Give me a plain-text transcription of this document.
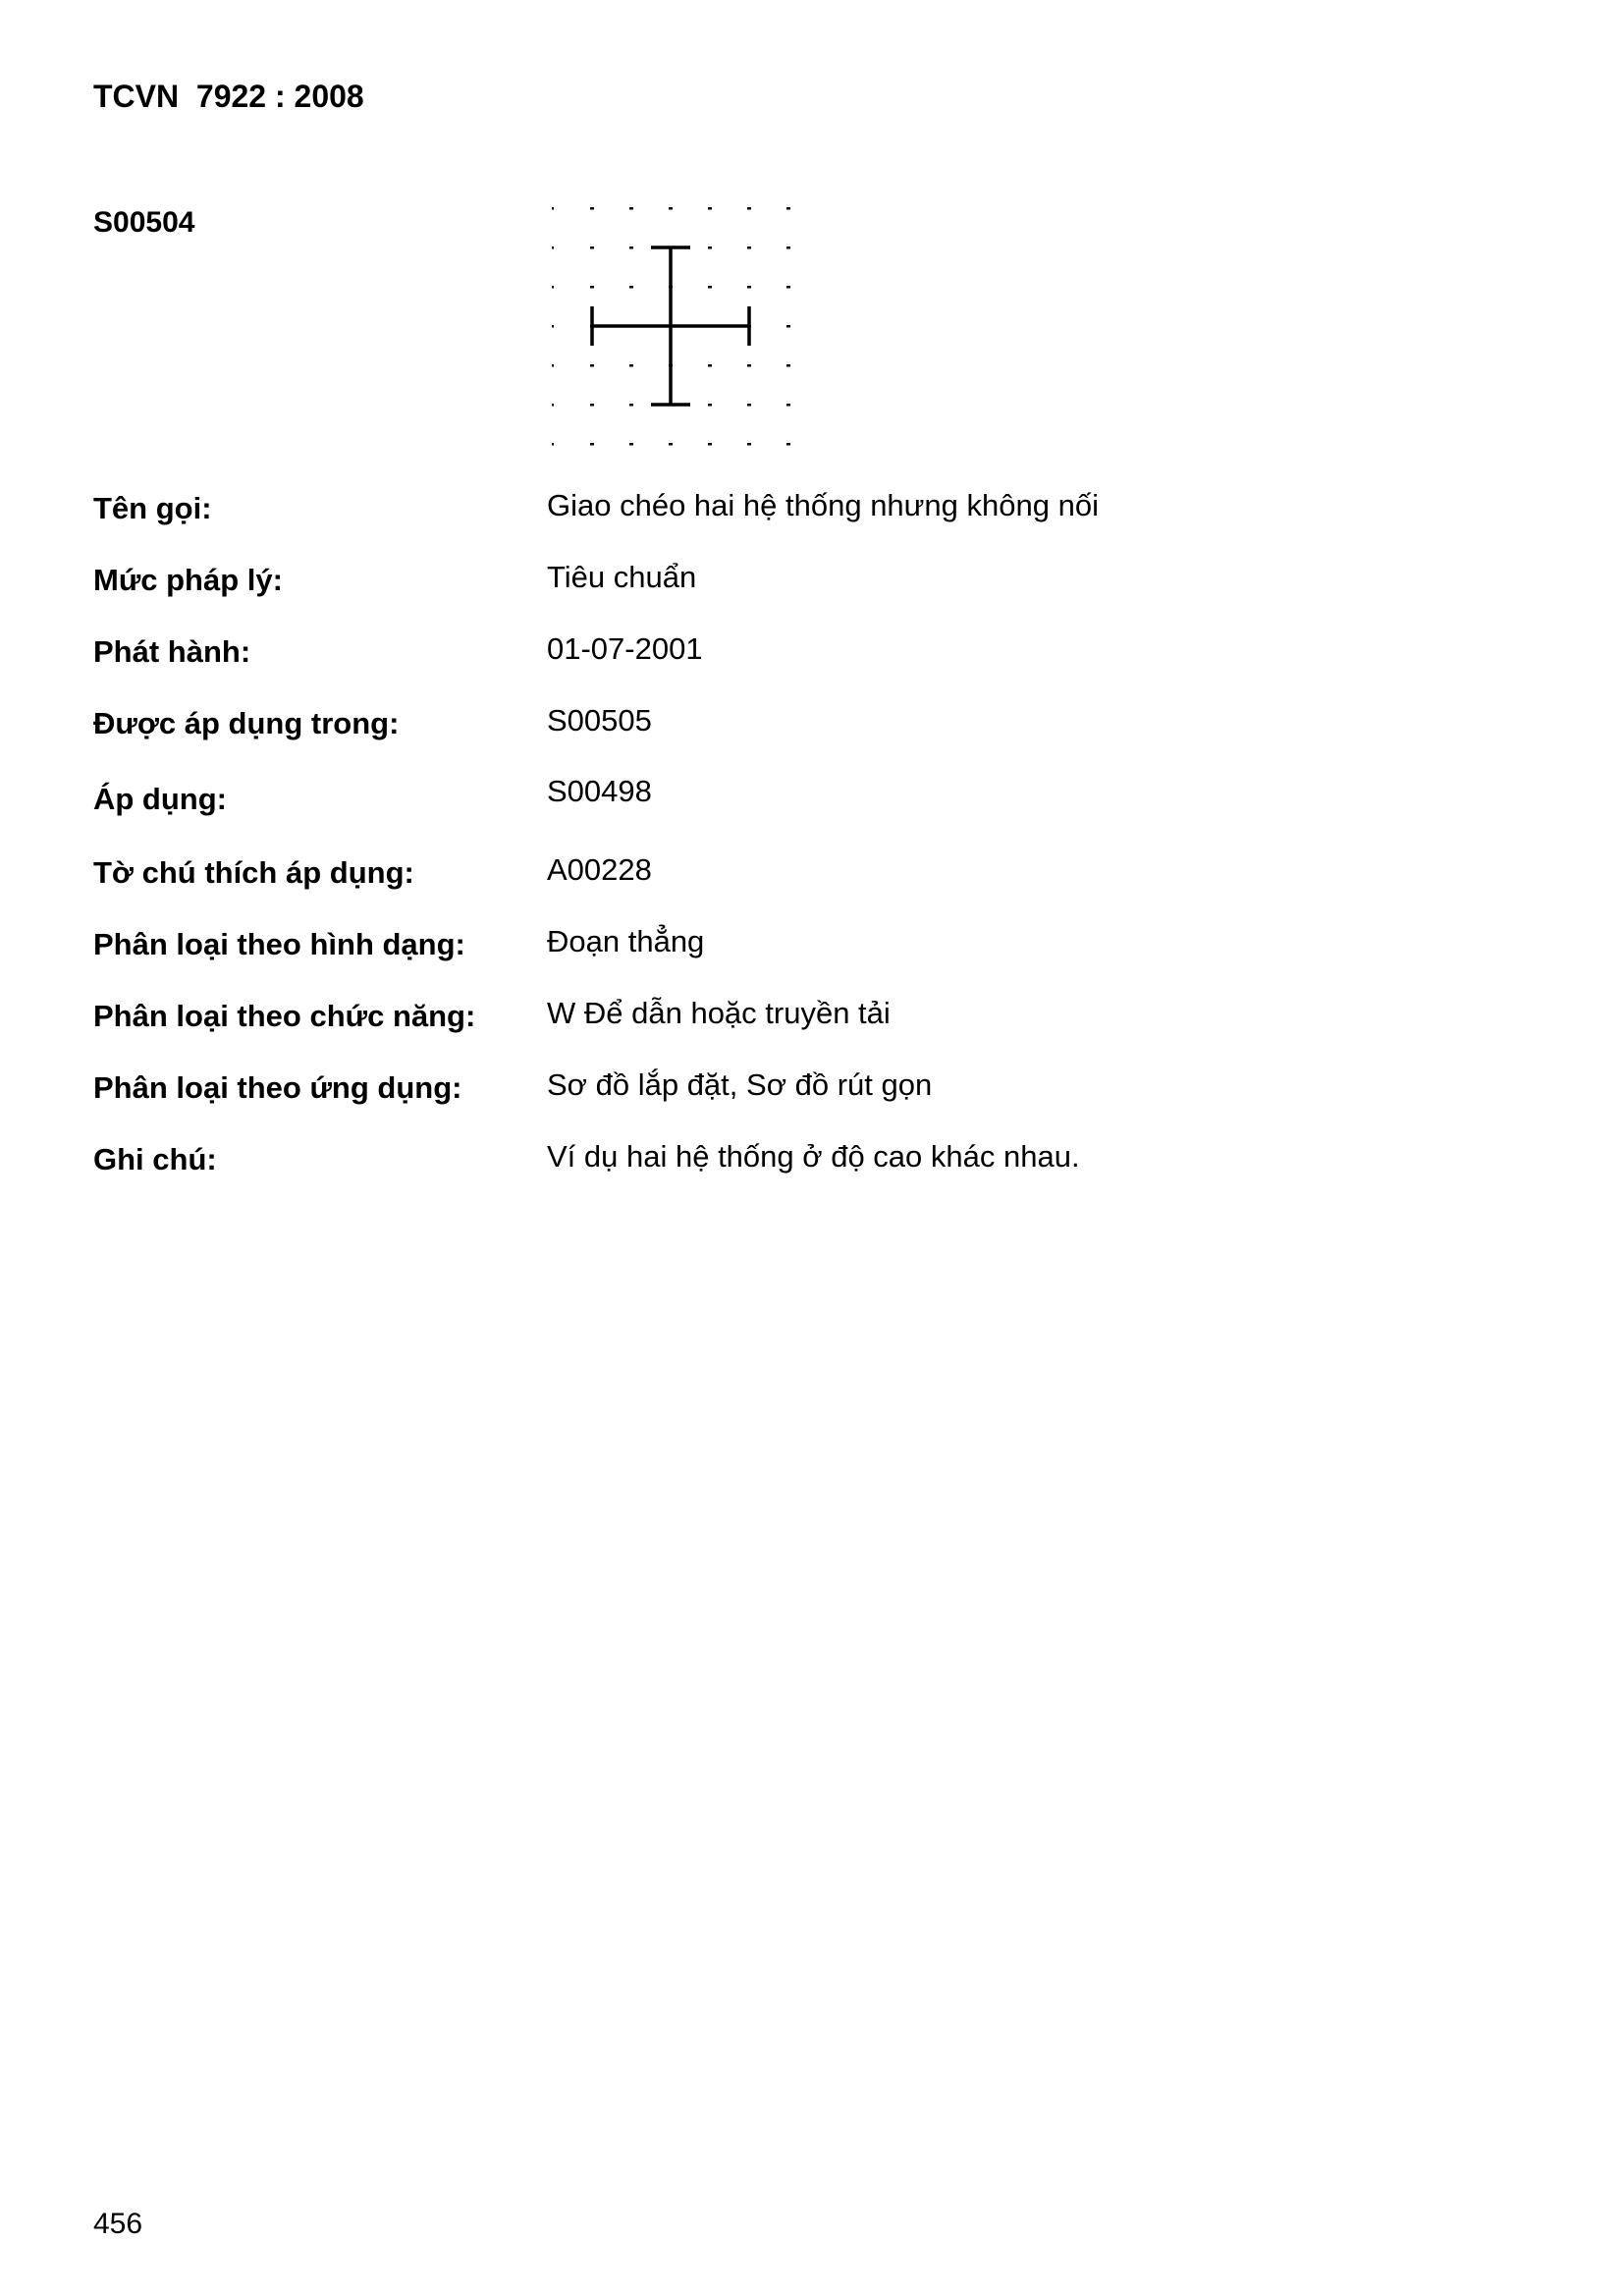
TCVN  7922 : 2008
S00504
Tên gọi:	Giao chéo hai hệ thống nhưng không nối
Mức pháp lý:	Tiêu chuẩn
Phát hành:	01-07-2001
Được áp dụng trong:	S00505
Áp dụng:	S00498
Tờ chú thích áp dụng:	A00228
Phân loại theo hình dạng:	Đoạn thẳng
Phân loại theo chức năng: W Để dẫn hoặc truyền tải
Phân loại theo ứng dụng:	Sơ đồ lắp đặt, Sơ đồ rút gọn
Ghi chú:	Ví dụ hai hệ thống ở độ cao khác nhau.
456
